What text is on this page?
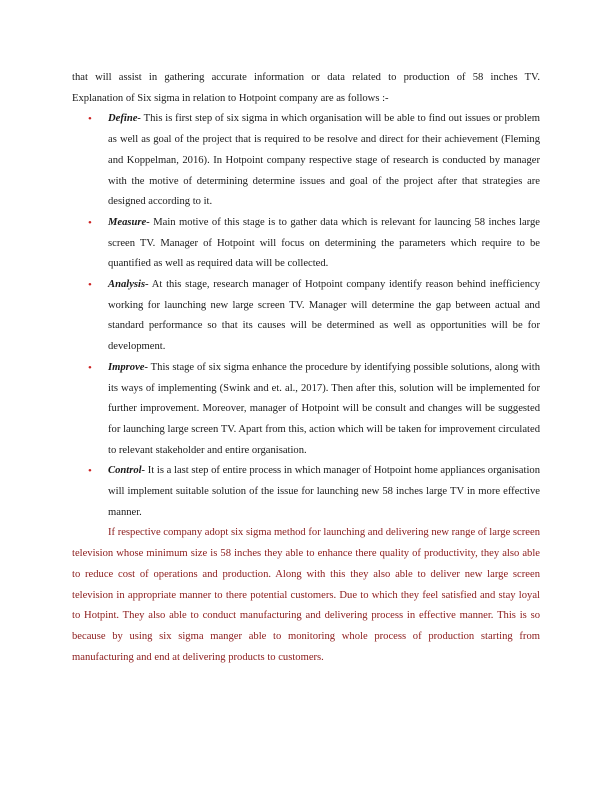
that will assist in gathering accurate information or data related to production of 58 inches TV.

Explanation of Six sigma in relation to Hotpoint company are as follows :-

•	Define- This is first step of six sigma in which organisation will be able to find out issues or problem as well as goal of the project that is required to be resolve and direct for their achievement (Fleming and Koppelman, 2016). In Hotpoint company respective stage of research is conducted by manager with the motive of determining determine issues and goal of the project after that strategies are designed according to it.
•	Measure- Main motive of this stage is to gather data which is relevant for launcing 58 inches large screen TV. Manager of Hotpoint will focus on determining the parameters which require to be quantified as well as required data will be collected.
•	Analysis- At this stage, research manager of Hotpoint company identify reason behind inefficiency working for launching new large screen TV. Manager will determine the gap between actual and standard performance so that its causes will be determined as well as opportunities will be for development.
•	Improve- This stage of six sigma enhance the procedure by identifying possible solutions, along with its ways of implementing (Swink and et. al., 2017). Then after this, solution will be implemented for further improvement. Moreover, manager of Hotpoint will be consult and changes will be suggested for launching large screen TV. Apart from this, action which will be taken for improvement circulated to relevant stakeholder and entire organisation.
•	Control- It is a last step of entire process in which manager of Hotpoint home appliances organisation will implement suitable solution of the issue for launching new 58 inches large TV in more effective manner.

If respective company adopt six sigma method for launching and delivering new range of large screen television whose minimum size is 58 inches they able to enhance there quality of productivity, they also able to reduce cost of operations and production. Along with this they also able to deliver new large screen television in appropriate manner to there potential customers. Due to which they feel satisfied and stay loyal to Hotpint. They also able to conduct manufacturing and delivering process in effective manner. This is so because by using six sigma manger able to monitoring whole process of production starting from manufacturing and end at delivering products to customers.
